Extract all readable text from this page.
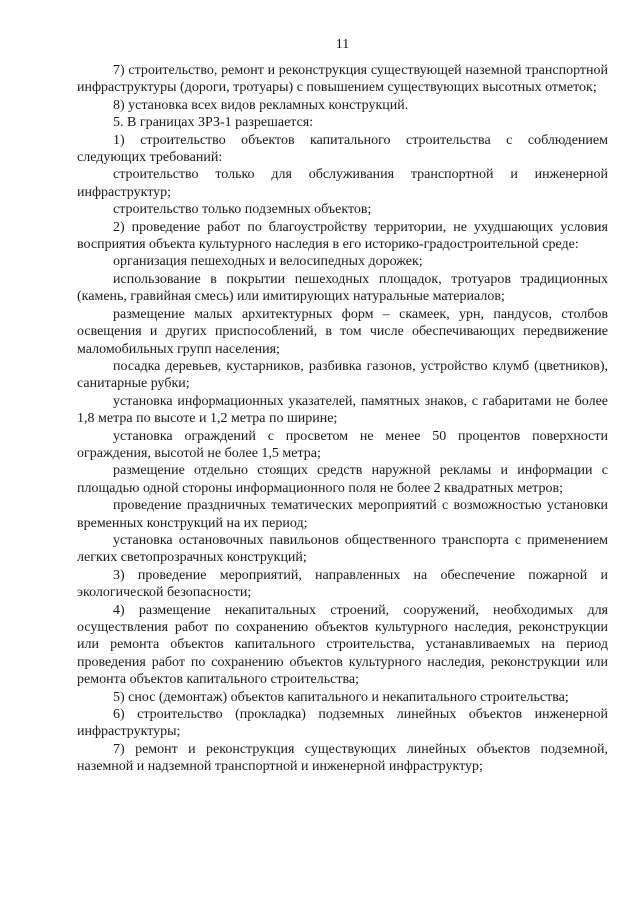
11

7) строительство, ремонт и реконструкция существующей наземной транспортной инфраструктуры (дороги, тротуары) с повышением существующих высотных отметок;

8) установка всех видов рекламных конструкций.

5. В границах ЗРЗ-1 разрешается:

1) строительство объектов капитального строительства с соблюдением следующих требований:

строительство только для обслуживания транспортной и инженерной инфраструктур;

строительство только подземных объектов;

2) проведение работ по благоустройству территории, не ухудшающих условия восприятия объекта культурного наследия в его историко-градостроительной среде:

организация пешеходных и велосипедных дорожек;

использование в покрытии пешеходных площадок, тротуаров традиционных (камень, гравийная смесь) или имитирующих натуральные материалов;

размещение малых архитектурных форм – скамеек, урн, пандусов, столбов освещения и других приспособлений, в том числе обеспечивающих передвижение маломобильных групп населения;

посадка деревьев, кустарников, разбивка газонов, устройство клумб (цветников), санитарные рубки;

установка информационных указателей, памятных знаков, с габаритами не более 1,8 метра по высоте и 1,2 метра по ширине;

установка ограждений с просветом не менее 50 процентов поверхности ограждения, высотой не более 1,5 метра;

размещение отдельно стоящих средств наружной рекламы и информации с площадью одной стороны информационного поля не более 2 квадратных метров;

проведение праздничных тематических мероприятий с возможностью установки временных конструкций на их период;

установка остановочных павильонов общественного транспорта с применением легких светопрозрачных конструкций;

3) проведение мероприятий, направленных на обеспечение пожарной и экологической безопасности;

4) размещение некапитальных строений, сооружений, необходимых для осуществления работ по сохранению объектов культурного наследия, реконструкции или ремонта объектов капитального строительства, устанавливаемых на период проведения работ по сохранению объектов культурного наследия, реконструкции или ремонта объектов капитального строительства;

5) снос (демонтаж) объектов капитального и некапитального строительства;

6) строительство (прокладка) подземных линейных объектов инженерной инфраструктуры;

7) ремонт и реконструкция существующих линейных объектов подземной, наземной и надземной транспортной и инженерной инфраструктур;
